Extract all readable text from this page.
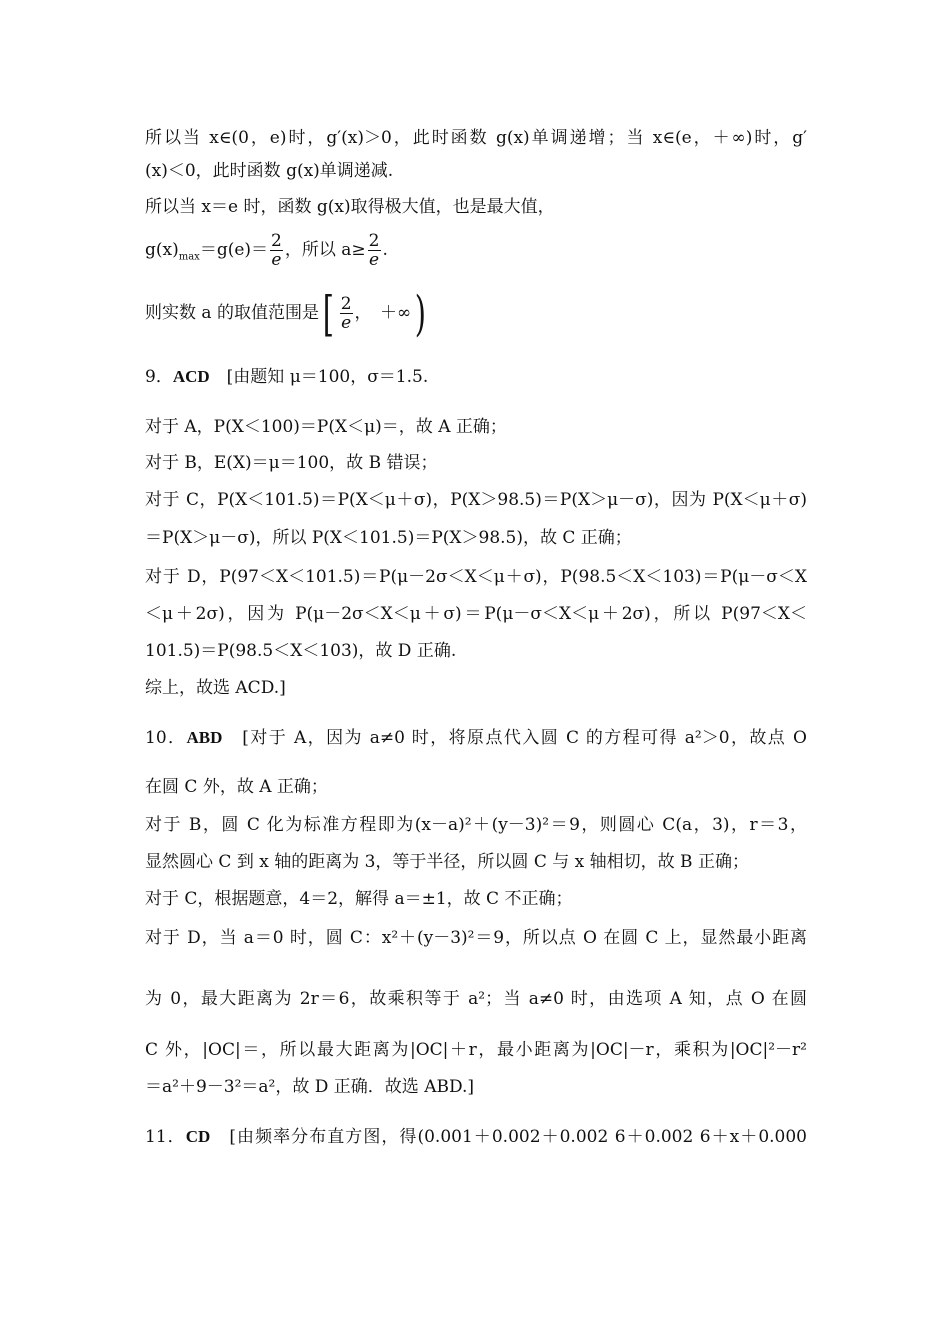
所以当 x∈(0，e)时，g′(x)＞0，此时函数 g(x)单调递增；当 x∈(e，＋∞)时，g′
(x)＜0，此时函数 g(x)单调递减.
所以当 x＝e 时，函数 g(x)取得极大值，也是最大值，
$g(x)_{max}=g(e)= \frac{2}{e}$ ，所以 $a\ge \frac{2}{e}$ .
则实数 a 的取值范围是[ $\frac{2}{e}$ ，　＋∞)
9．ACD　[由题知 μ＝100，σ＝1.5.
对于 A，P(X＜100)＝P(X＜μ)＝，故 A 正确；
对于 B，E(X)＝μ＝100，故 B 错误；
对于 C，P(X＜101.5)＝P(X＜μ＋σ)，P(X＞98.5)＝P(X＞μ－σ)，因为 P(X＜μ＋σ)
＝P(X＞μ－σ)，所以 P(X＜101.5)＝P(X＞98.5)，故 C 正确；
对于 D，P(97＜X＜101.5)＝P(μ－2σ＜X＜μ＋σ)，P(98.5＜X＜103)＝P(μ－σ＜X
＜μ＋2σ)，因为 P(μ－2σ＜X＜μ＋σ)＝P(μ－σ＜X＜μ＋2σ)，所以 P(97＜X＜
101.5)＝P(98.5＜X＜103)，故 D 正确.
综上，故选 ACD.]
10．ABD　[对于 A，因为 a≠0 时，将原点代入圆 C 的方程可得 a²＞0，故点 O
在圆 C 外，故 A 正确；
对于 B，圆 C 化为标准方程即为(x－a)²＋(y－3)²＝9，则圆心 C(a，3)，r＝3，
显然圆心 C 到 x 轴的距离为 3，等于半径，所以圆 C 与 x 轴相切，故 B 正确；
对于 C，根据题意，4＝2，解得 a＝±1，故 C 不正确；
对于 D，当 a＝0 时，圆 C：x²＋(y－3)²＝9，所以点 O 在圆 C 上，显然最小距离
为 0，最大距离为 2r＝6，故乘积等于 a²；当 a≠0 时，由选项 A 知，点 O 在圆
C 外，|OC|＝，所以最大距离为|OC|＋r，最小距离为|OC|－r，乘积为|OC|²－r²
＝a²＋9－3²＝a²，故 D 正确．故选 ABD.]
11．CD　[由频率分布直方图，得(0.001＋0.002＋0.002 6＋0.002 6＋x＋0.000
